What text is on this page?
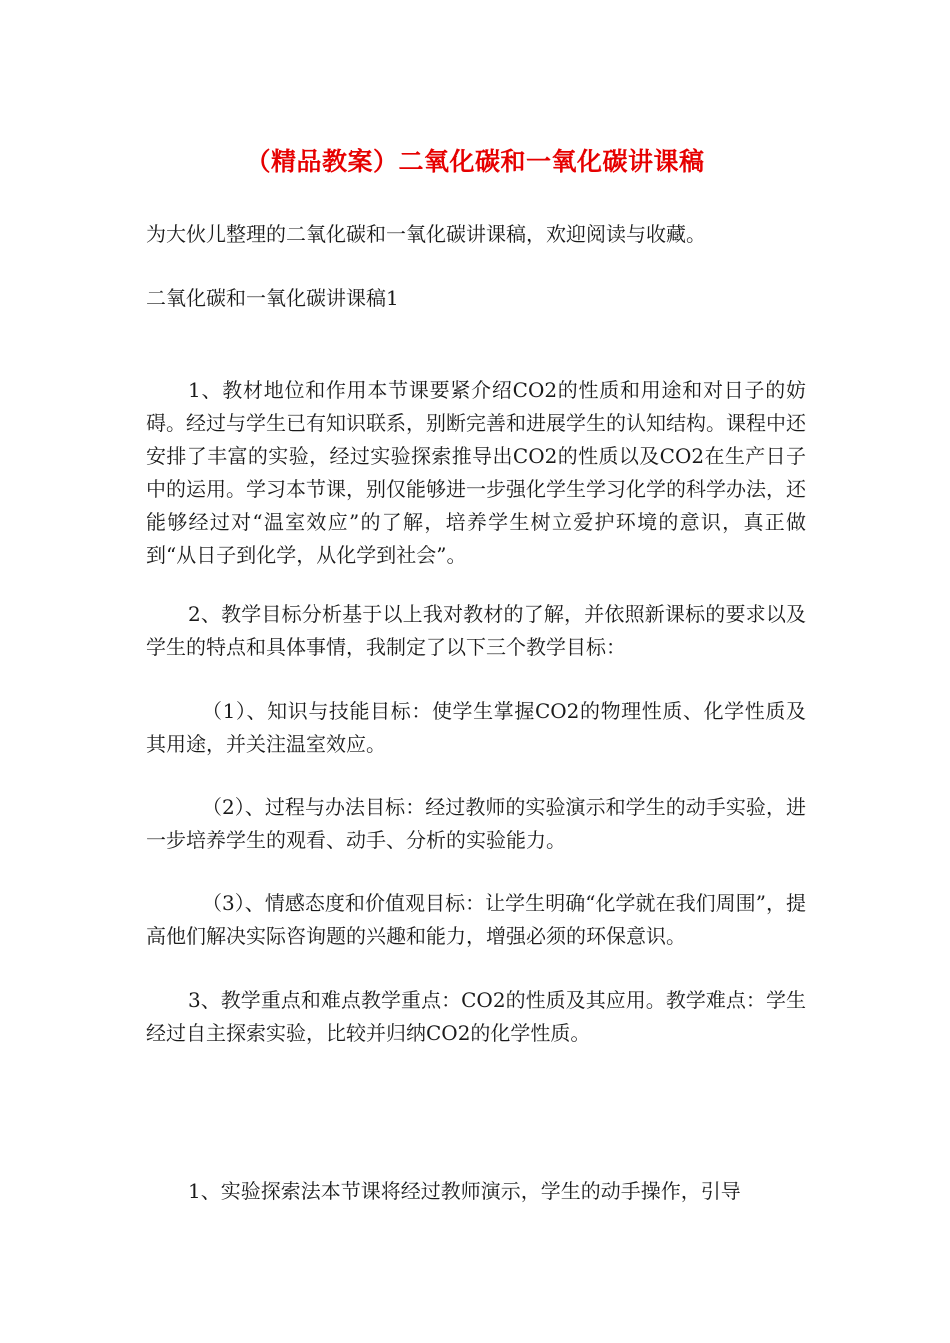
（精品教案）二氧化碳和一氧化碳讲课稿

为大伙儿整理的二氧化碳和一氧化碳讲课稿，欢迎阅读与收藏。

二氧化碳和一氧化碳讲课稿1

1、教材地位和作用本节课要紧介绍CO2的性质和用途和对日子的妨碍。经过与学生已有知识联系，别断完善和进展学生的认知结构。课程中还安排了丰富的实验，经过实验探索推导出CO2的性质以及CO2在生产日子中的运用。学习本节课，别仅能够进一步强化学生学习化学的科学办法，还能够经过对“温室效应”的了解，培养学生树立爱护环境的意识，真正做到“从日子到化学，从化学到社会”。

2、教学目标分析基于以上我对教材的了解，并依照新课标的要求以及学生的特点和具体事情，我制定了以下三个教学目标：

（1）、知识与技能目标：使学生掌握CO2的物理性质、化学性质及其用途，并关注温室效应。

（2）、过程与办法目标：经过教师的实验演示和学生的动手实验，进一步培养学生的观看、动手、分析的实验能力。

（3）、情感态度和价值观目标：让学生明确“化学就在我们周围”，提高他们解决实际咨询题的兴趣和能力，增强必须的环保意识。

3、教学重点和难点教学重点：CO2的性质及其应用。教学难点：学生经过自主探索实验，比较并归纳CO2的化学性质。

1、实验探索法本节课将经过教师演示，学生的动手操作，引导
